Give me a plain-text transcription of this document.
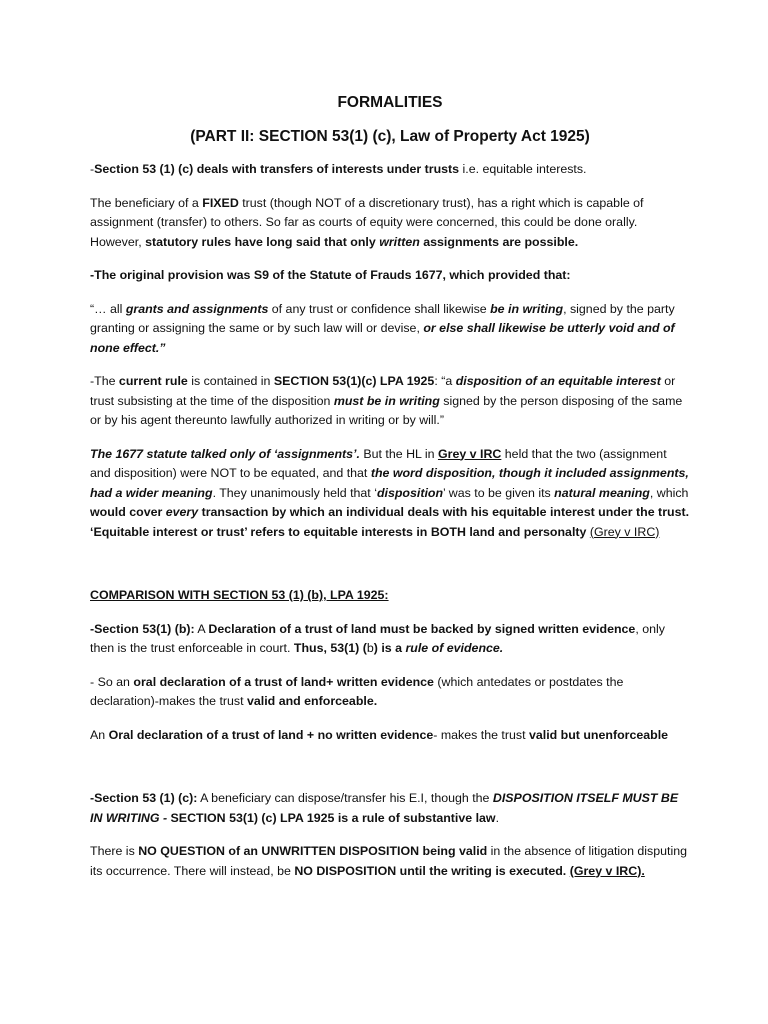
FORMALITIES
(PART II: SECTION 53(1) (c), Law of Property Act 1925)

-Section 53 (1) (c) deals with transfers of interests under trusts i.e. equitable interests.

The beneficiary of a FIXED trust (though NOT of a discretionary trust), has a right which is capable of assignment (transfer) to others. So far as courts of equity were concerned, this could be done orally. However, statutory rules have long said that only written assignments are possible.

-The original provision was S9 of the Statute of Frauds 1677, which provided that:

“… all grants and assignments of any trust or confidence shall likewise be in writing, signed by the party granting or assigning the same or by such law will or devise, or else shall likewise be utterly void and of none effect.”

-The current rule is contained in SECTION 53(1)(c) LPA 1925: “a disposition of an equitable interest or trust subsisting at the time of the disposition must be in writing signed by the person disposing of the same or by his agent thereunto lawfully authorized in writing or by will.”

The 1677 statute talked only of ‘assignments’. But the HL in Grey v IRC held that the two (assignment and disposition) were NOT to be equated, and that the word disposition, though it included assignments, had a wider meaning. They unanimously held that ‘disposition’ was to be given its natural meaning, which would cover every transaction by which an individual deals with his equitable interest under the trust. ‘Equitable interest or trust’ refers to equitable interests in BOTH land and personalty (Grey v IRC)

COMPARISON WITH SECTION 53 (1) (b), LPA 1925:

-Section 53(1) (b): A Declaration of a trust of land must be backed by signed written evidence, only then is the trust enforceable in court. Thus, 53(1) (b) is a rule of evidence.

- So an oral declaration of a trust of land+ written evidence (which antedates or postdates the declaration)-makes the trust valid and enforceable.

An Oral declaration of a trust of land + no written evidence- makes the trust valid but unenforceable

-Section 53 (1) (c): A beneficiary can dispose/transfer his E.I, though the DISPOSITION ITSELF MUST BE IN WRITING - SECTION 53(1) (c) LPA 1925 is a rule of substantive law.

There is NO QUESTION of an UNWRITTEN DISPOSITION being valid in the absence of litigation disputing its occurrence. There will instead, be NO DISPOSITION until the writing is executed. (Grey v IRC).
